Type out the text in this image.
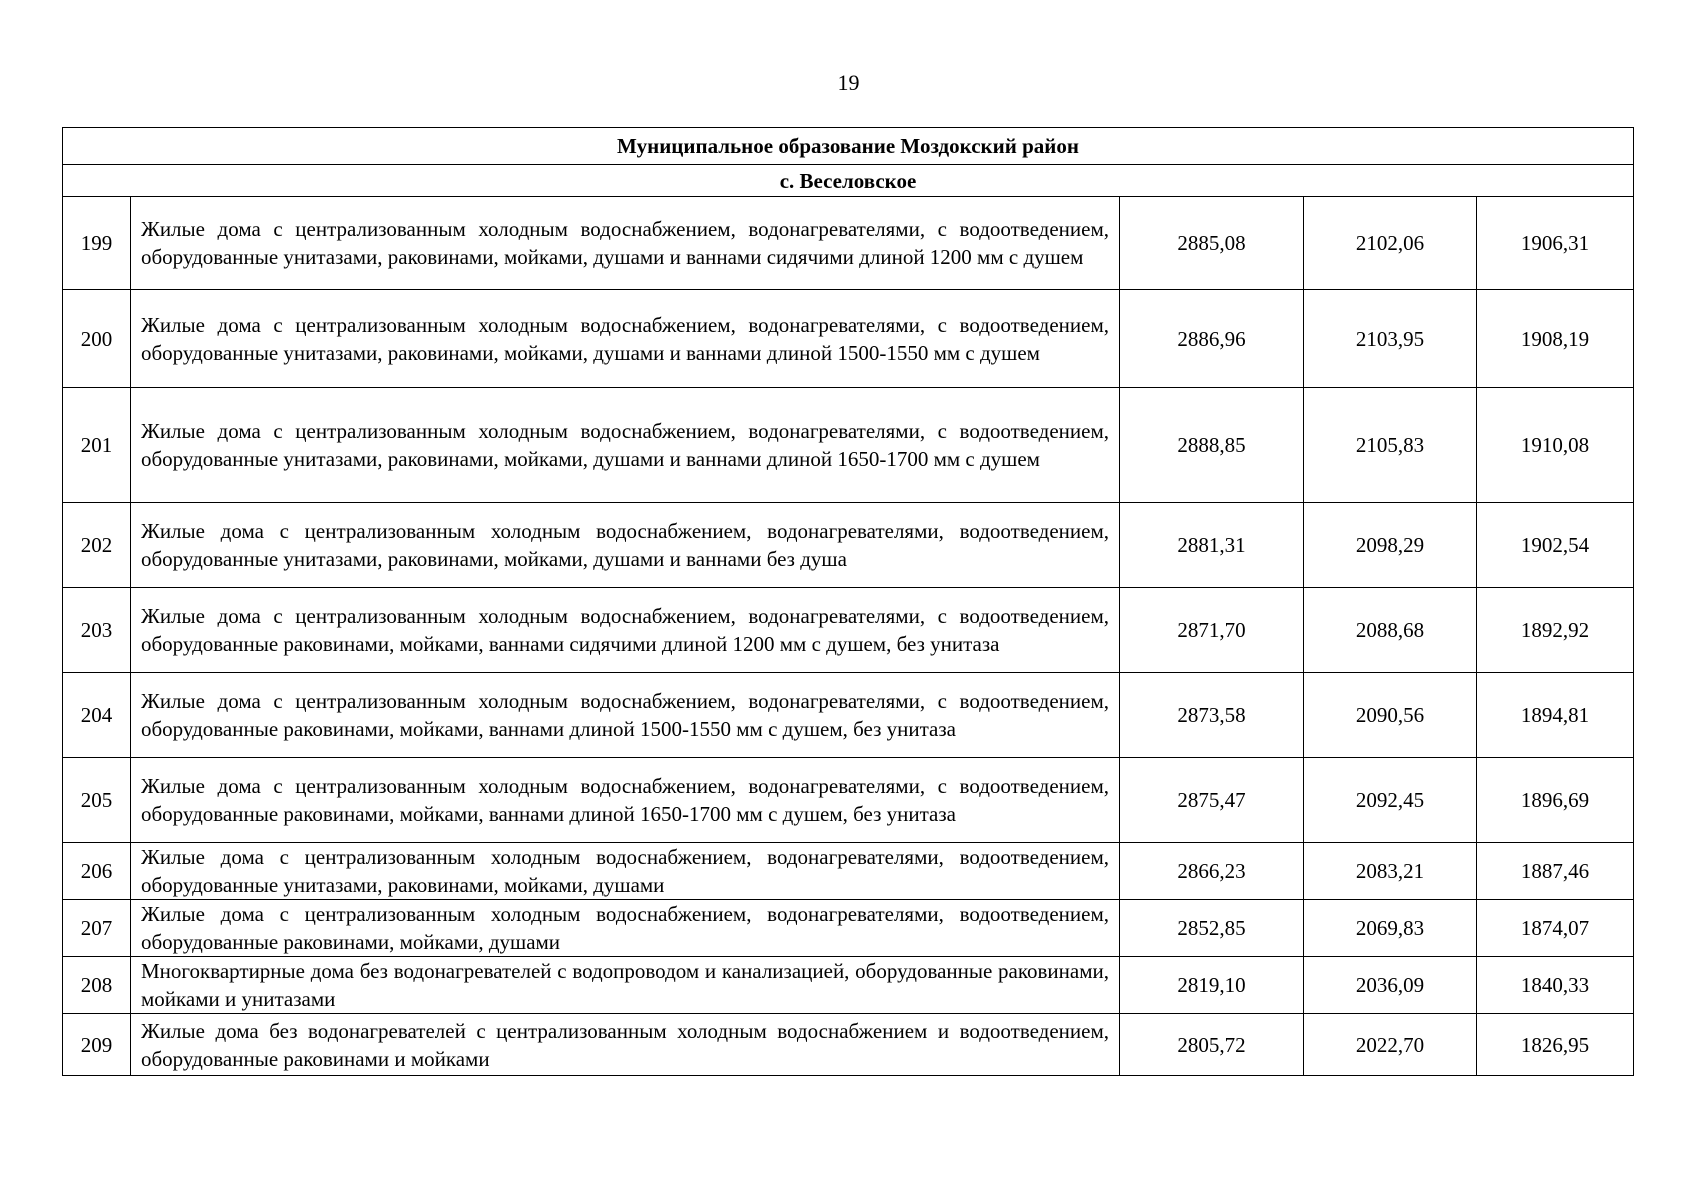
19
Муниципальное образование Моздокский район				
с. Веселовское				
199	Жилые дома с централизованным холодным водоснабжением, водонагревателями, с водоотведением, оборудованные унитазами, раковинами, мойками, душами и ваннами сидячими длиной 1200 мм с душем	2885,08	2102,06	1906,31
200	Жилые дома с централизованным холодным водоснабжением, водонагревателями, с водоотведением, оборудованные унитазами, раковинами, мойками, душами и ваннами длиной 1500-1550 мм с душем	2886,96	2103,95	1908,19
201	Жилые дома с централизованным холодным водоснабжением, водонагревателями, с водоотведением, оборудованные унитазами, раковинами, мойками, душами и ваннами длиной 1650-1700 мм с душем	2888,85	2105,83	1910,08
202	Жилые дома с централизованным холодным водоснабжением, водонагревателями, водоотведением, оборудованные унитазами, раковинами, мойками, душами и ваннами без душа	2881,31	2098,29	1902,54
203	Жилые дома с централизованным холодным водоснабжением, водонагревателями, с водоотведением, оборудованные раковинами, мойками, ваннами сидячими длиной 1200 мм с душем, без унитаза	2871,70	2088,68	1892,92
204	Жилые дома с централизованным холодным водоснабжением, водонагревателями, с водоотведением, оборудованные раковинами, мойками, ваннами длиной 1500-1550 мм с душем, без унитаза	2873,58	2090,56	1894,81
205	Жилые дома с централизованным холодным водоснабжением, водонагревателями, с водоотведением, оборудованные раковинами, мойками, ваннами длиной 1650-1700 мм с душем, без унитаза	2875,47	2092,45	1896,69
206	Жилые дома с централизованным холодным водоснабжением, водонагревателями, водоотведением, оборудованные унитазами, раковинами, мойками, душами	2866,23	2083,21	1887,46
207	Жилые дома с централизованным холодным водоснабжением, водонагревателями, водоотведением, оборудованные раковинами, мойками, душами	2852,85	2069,83	1874,07
208	Многоквартирные дома без водонагревателей с водопроводом и канализацией, оборудованные раковинами, мойками и унитазами	2819,10	2036,09	1840,33
209	Жилые дома без водонагревателей с централизованным холодным водоснабжением и водоотведением, оборудованные раковинами и мойками	2805,72	2022,70	1826,95
